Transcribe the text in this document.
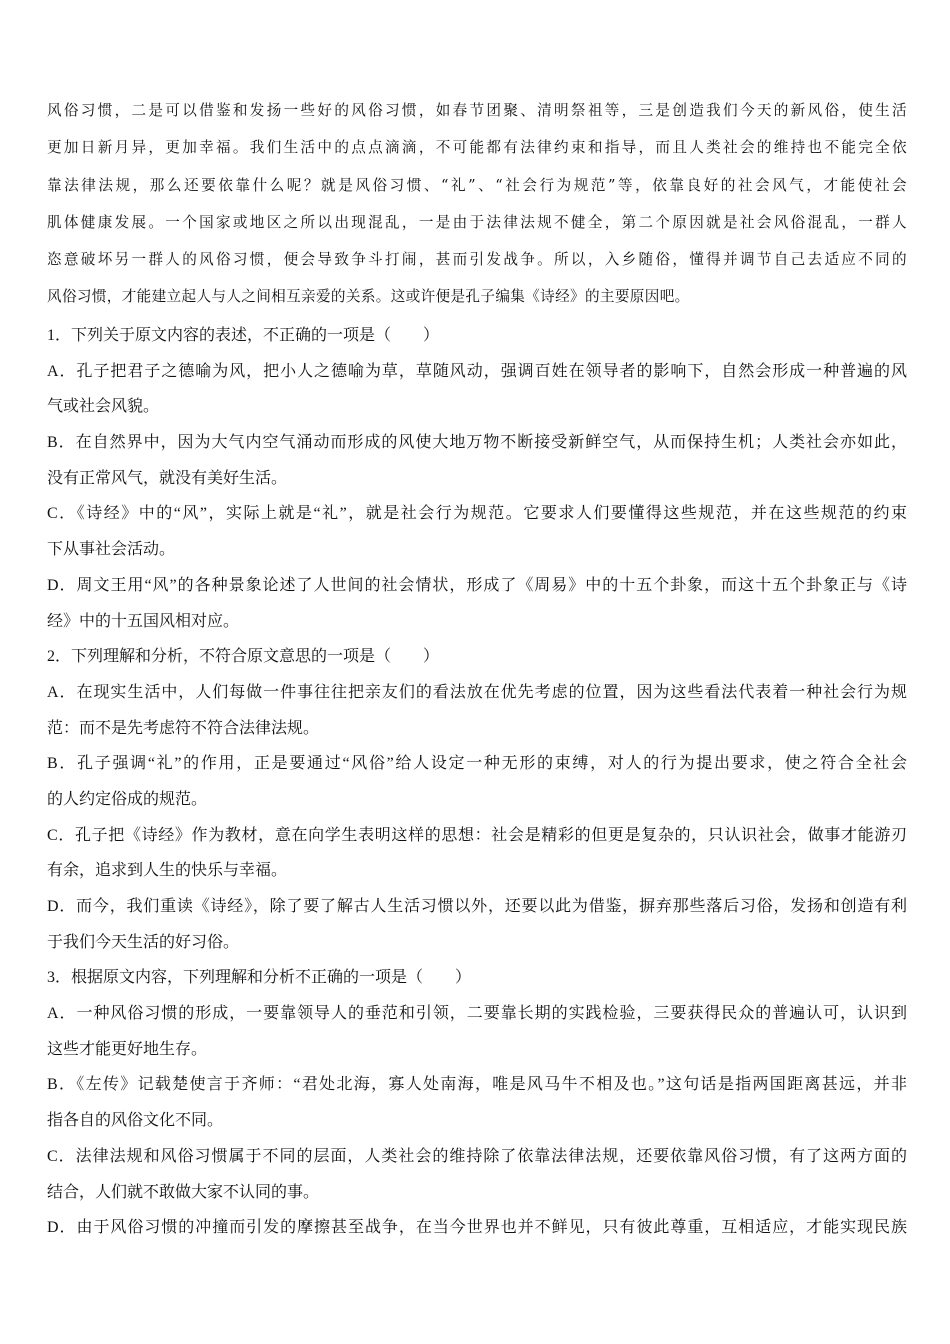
风俗习惯，二是可以借鉴和发扬一些好的风俗习惯，如春节团聚、清明祭祖等，三是创造我们今天的新风俗，使生活
更加日新月异，更加幸福。我们生活中的点点滴滴，不可能都有法律约束和指导，而且人类社会的维持也不能完全依
靠法律法规，那么还要依靠什么呢？就是风俗习惯、“礼”、“社会行为规范”等，依靠良好的社会风气，才能使社会
肌体健康发展。一个国家或地区之所以出现混乱，一是由于法律法规不健全，第二个原因就是社会风俗混乱，一群人
恣意破坏另一群人的风俗习惯，便会导致争斗打闹，甚而引发战争。所以，入乡随俗，懂得并调节自己去适应不同的
风俗习惯，才能建立起人与人之间相互亲爱的关系。这或许便是孔子编集《诗经》的主要原因吧。
1．下列关于原文内容的表述，不正确的一项是（　　）
A．孔子把君子之德喻为风，把小人之德喻为草，草随风动，强调百姓在领导者的影响下，自然会形成一种普遍的风
气或社会风貌。
B．在自然界中，因为大气内空气涌动而形成的风使大地万物不断接受新鲜空气，从而保持生机；人类社会亦如此，
没有正常风气，就没有美好生活。
C．《诗经》中的“风”，实际上就是“礼”，就是社会行为规范。它要求人们要懂得这些规范，并在这些规范的约束
下从事社会活动。
D．周文王用“风”的各种景象论述了人世间的社会情状，形成了《周易》中的十五个卦象，而这十五个卦象正与《诗
经》中的十五国风相对应。
2．下列理解和分析，不符合原文意思的一项是（　　）
A．在现实生活中，人们每做一件事往往把亲友们的看法放在优先考虑的位置，因为这些看法代表着一种社会行为规
范：而不是先考虑符不符合法律法规。
B．孔子强调“礼”的作用，正是要通过“风俗”给人设定一种无形的束缚，对人的行为提出要求，使之符合全社会
的人约定俗成的规范。
C．孔子把《诗经》作为教材，意在向学生表明这样的思想：社会是精彩的但更是复杂的，只认识社会，做事才能游刃
有余，追求到人生的快乐与幸福。
D．而今，我们重读《诗经》，除了要了解古人生活习惯以外，还要以此为借鉴，摒弃那些落后习俗，发扬和创造有利
于我们今天生活的好习俗。
3．根据原文内容，下列理解和分析不正确的一项是（　　）
A．一种风俗习惯的形成，一要靠领导人的垂范和引领，二要靠长期的实践检验，三要获得民众的普遍认可，认识到
这些才能更好地生存。
B．《左传》记载楚使言于齐师：“君处北海，寡人处南海，唯是风马牛不相及也。”这句话是指两国距离甚远，并非
指各自的风俗文化不同。
C．法律法规和风俗习惯属于不同的层面，人类社会的维持除了依靠法律法规，还要依靠风俗习惯，有了这两方面的
结合，人们就不敢做大家不认同的事。
D．由于风俗习惯的冲撞而引发的摩擦甚至战争，在当今世界也并不鲜见，只有彼此尊重，互相适应，才能实现民族
